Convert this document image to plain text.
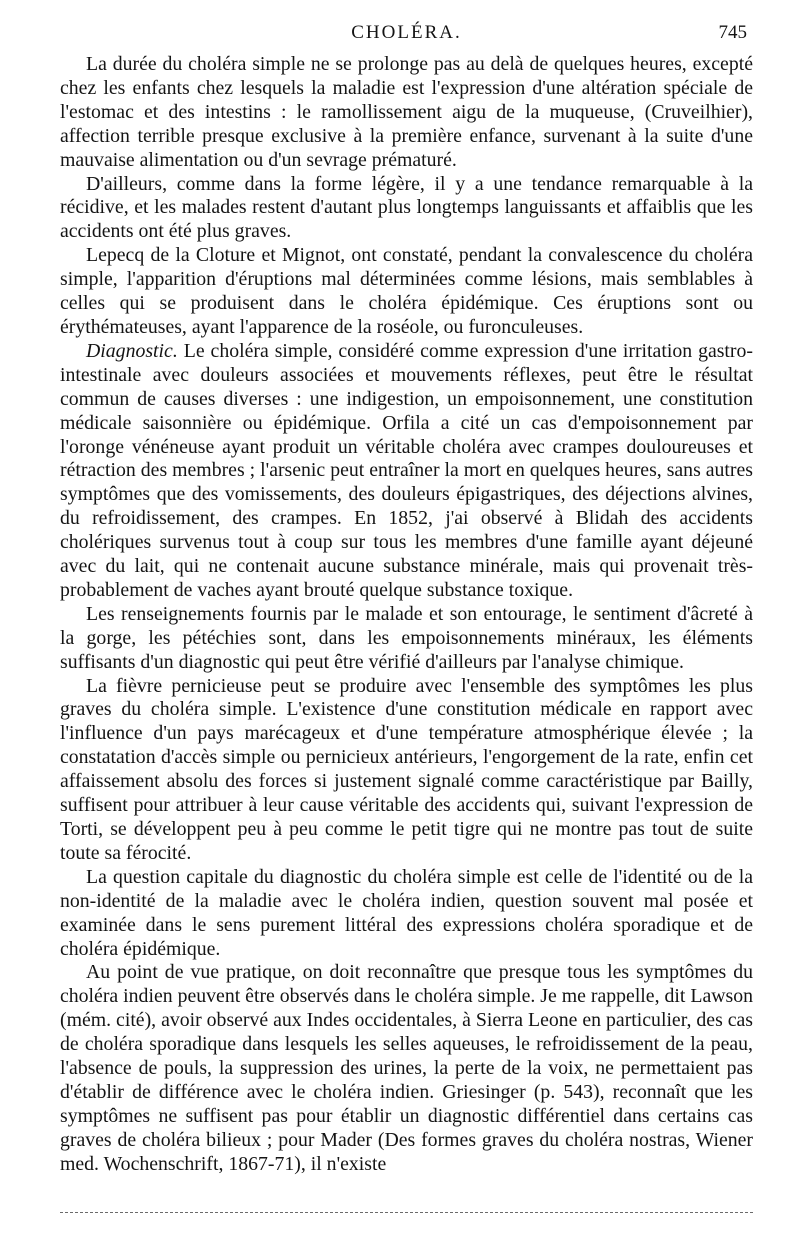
CHOLÉRA.	745

La durée du choléra simple ne se prolonge pas au delà de quelques heures, excepté chez les enfants chez lesquels la maladie est l'expression d'une altération spéciale de l'estomac et des intestins : le ramollissement aigu de la muqueuse, (Cruveilhier), affection terrible presque exclusive à la première enfance, survenant à la suite d'une mauvaise alimentation ou d'un sevrage prématuré.

D'ailleurs, comme dans la forme légère, il y a une tendance remarquable à la récidive, et les malades restent d'autant plus longtemps languissants et affaiblis que les accidents ont été plus graves.

Lepecq de la Cloture et Mignot, ont constaté, pendant la convalescence du choléra simple, l'apparition d'éruptions mal déterminées comme lésions, mais semblables à celles qui se produisent dans le choléra épidémique. Ces éruptions sont ou érythémateuses, ayant l'apparence de la roséole, ou furonculeuses.

Diagnostic. Le choléra simple, considéré comme expression d'une irritation gastro-intestinale avec douleurs associées et mouvements réflexes, peut être le résultat commun de causes diverses : une indigestion, un empoisonnement, une constitution médicale saisonnière ou épidémique. Orfila a cité un cas d'empoisonnement par l'oronge vénéneuse ayant produit un véritable choléra avec crampes douloureuses et rétraction des membres ; l'arsenic peut entraîner la mort en quelques heures, sans autres symptômes que des vomissements, des douleurs épigastriques, des déjections alvines, du refroidissement, des crampes. En 1852, j'ai observé à Blidah des accidents cholériques survenus tout à coup sur tous les membres d'une famille ayant déjeuné avec du lait, qui ne contenait aucune substance minérale, mais qui provenait très-probablement de vaches ayant brouté quelque substance toxique.

Les renseignements fournis par le malade et son entourage, le sentiment d'âcreté à la gorge, les pétéchies sont, dans les empoisonnements minéraux, les éléments suffisants d'un diagnostic qui peut être vérifié d'ailleurs par l'analyse chimique.

La fièvre pernicieuse peut se produire avec l'ensemble des symptômes les plus graves du choléra simple. L'existence d'une constitution médicale en rapport avec l'influence d'un pays marécageux et d'une température atmosphérique élevée ; la constatation d'accès simple ou pernicieux antérieurs, l'engorgement de la rate, enfin cet affaissement absolu des forces si justement signalé comme caractéristique par Bailly, suffisent pour attribuer à leur cause véritable des accidents qui, suivant l'expression de Torti, se développent peu à peu comme le petit tigre qui ne montre pas tout de suite toute sa férocité.

La question capitale du diagnostic du choléra simple est celle de l'identité ou de la non-identité de la maladie avec le choléra indien, question souvent mal posée et examinée dans le sens purement littéral des expressions choléra sporadique et de choléra épidémique.

Au point de vue pratique, on doit reconnaître que presque tous les symptômes du choléra indien peuvent être observés dans le choléra simple. Je me rappelle, dit Lawson (mém. cité), avoir observé aux Indes occidentales, à Sierra Leone en particulier, des cas de choléra sporadique dans lesquels les selles aqueuses, le refroidissement de la peau, l'absence de pouls, la suppression des urines, la perte de la voix, ne permettaient pas d'établir de différence avec le choléra indien. Griesinger (p. 543), reconnaît que les symptômes ne suffisent pas pour établir un diagnostic différentiel dans certains cas graves de choléra bilieux ; pour Mader (Des formes graves du choléra nostras, Wiener med. Wochenschrift, 1867-71), il n'existe
